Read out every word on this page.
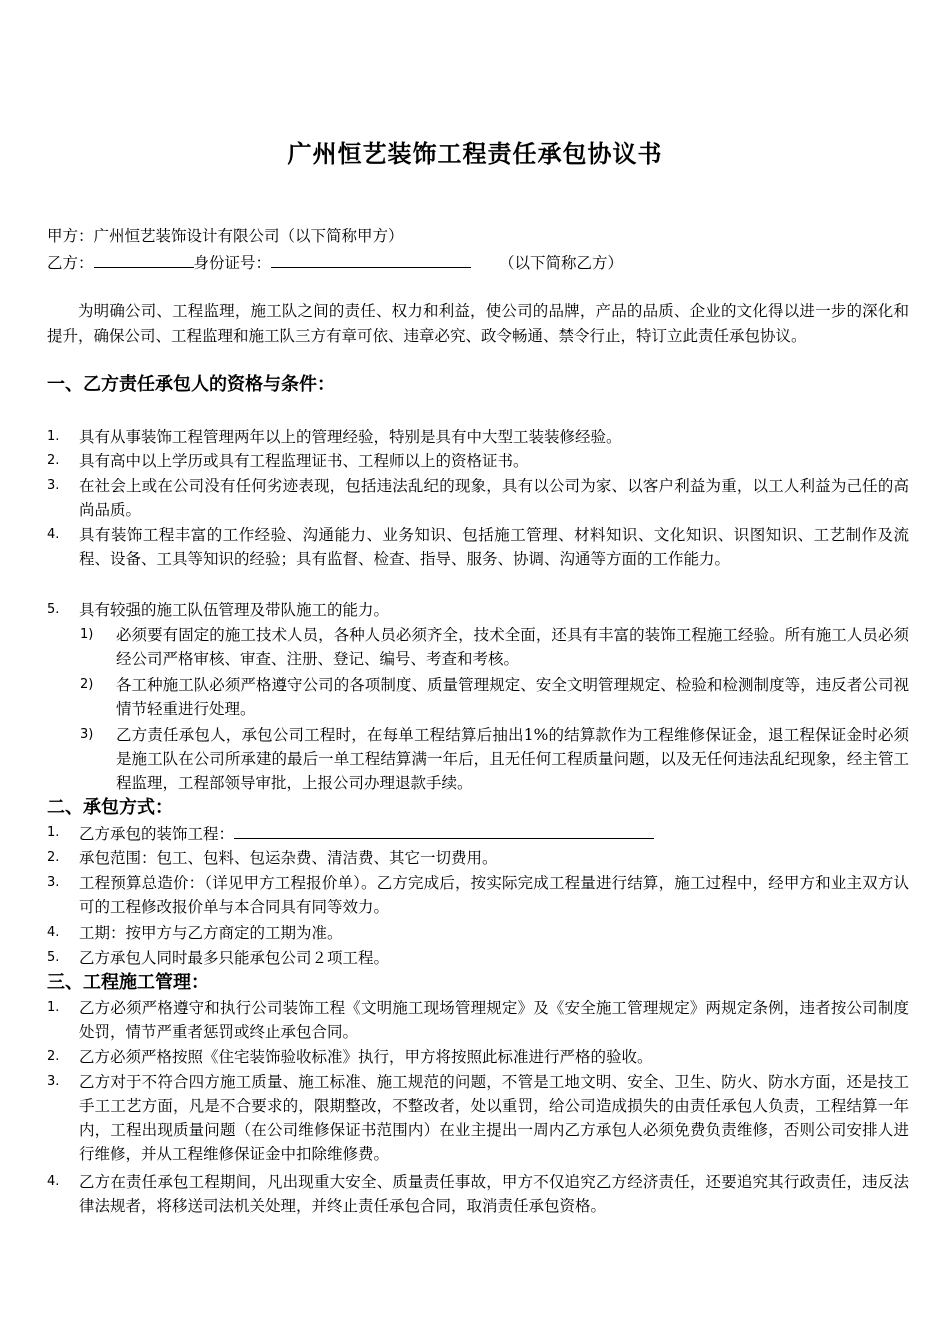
广州恒艺装饰工程责任承包协议书
甲方：广州恒艺装饰设计有限公司（以下简称甲方）
乙方：	身份证号：	（以下简称乙方）
为明确公司、工程监理，施工队之间的责任、权力和利益，使公司的品牌，产品的品质、企业的文化得以进一步的深化和提升，确保公司、工程监理和施工队三方有章可依、违章必究、政令畅通、禁令行止，特订立此责任承包协议。
一、乙方责任承包人的资格与条件：
1. 具有从事装饰工程管理两年以上的管理经验，特别是具有中大型工装装修经验。
2. 具有高中以上学历或具有工程监理证书、工程师以上的资格证书。
3. 在社会上或在公司没有任何劣迹表现，包括违法乱纪的现象，具有以公司为家、以客户利益为重，以工人利益为己任的高尚品质。
4. 具有装饰工程丰富的工作经验、沟通能力、业务知识、包括施工管理、材料知识、文化知识、识图知识、工艺制作及流程、设备、工具等知识的经验；具有监督、检查、指导、服务、协调、沟通等方面的工作能力。
5. 具有较强的施工队伍管理及带队施工的能力。
1) 必须要有固定的施工技术人员，各种人员必须齐全，技术全面，还具有丰富的装饰工程施工经验。所有施工人员必须经公司严格审核、审查、注册、登记、编号、考查和考核。
2) 各工种施工队必须严格遵守公司的各项制度、质量管理规定、安全文明管理规定、检验和检测制度等，违反者公司视情节轻重进行处理。
3) 乙方责任承包人，承包公司工程时，在每单工程结算后抽出1%的结算款作为工程维修保证金，退工程保证金时必须是施工队在公司所承建的最后一单工程结算满一年后，且无任何工程质量问题，以及无任何违法乱纪现象，经主管工程监理，工程部领导审批，上报公司办理退款手续。
二、承包方式：
1. 乙方承包的装饰工程：
2. 承包范围：包工、包料、包运杂费、清洁费、其它一切费用。
3. 工程预算总造价：（详见甲方工程报价单）。乙方完成后，按实际完成工程量进行结算，施工过程中，经甲方和业主双方认可的工程修改报价单与本合同具有同等效力。
4. 工期：按甲方与乙方商定的工期为准。
5. 乙方承包人同时最多只能承包公司２项工程。
三、工程施工管理：
1. 乙方必须严格遵守和执行公司装饰工程《文明施工现场管理规定》及《安全施工管理规定》两规定条例，违者按公司制度处罚，情节严重者惩罚或终止承包合同。
2. 乙方必须严格按照《住宅装饰验收标准》执行，甲方将按照此标准进行严格的验收。
3. 乙方对于不符合四方施工质量、施工标准、施工规范的问题，不管是工地文明、安全、卫生、防火、防水方面，还是技工手工工艺方面，凡是不合要求的，限期整改，不整改者，处以重罚，给公司造成损失的由责任承包人负责，工程结算一年内，工程出现质量问题（在公司维修保证书范围内）在业主提出一周内乙方承包人必须免费负责维修，否则公司安排人进行维修，并从工程维修保证金中扣除维修费。
4. 乙方在责任承包工程期间，凡出现重大安全、质量责任事故，甲方不仅追究乙方经济责任，还要追究其行政责任，违反法律法规者，将移送司法机关处理，并终止责任承包合同，取消责任承包资格。
